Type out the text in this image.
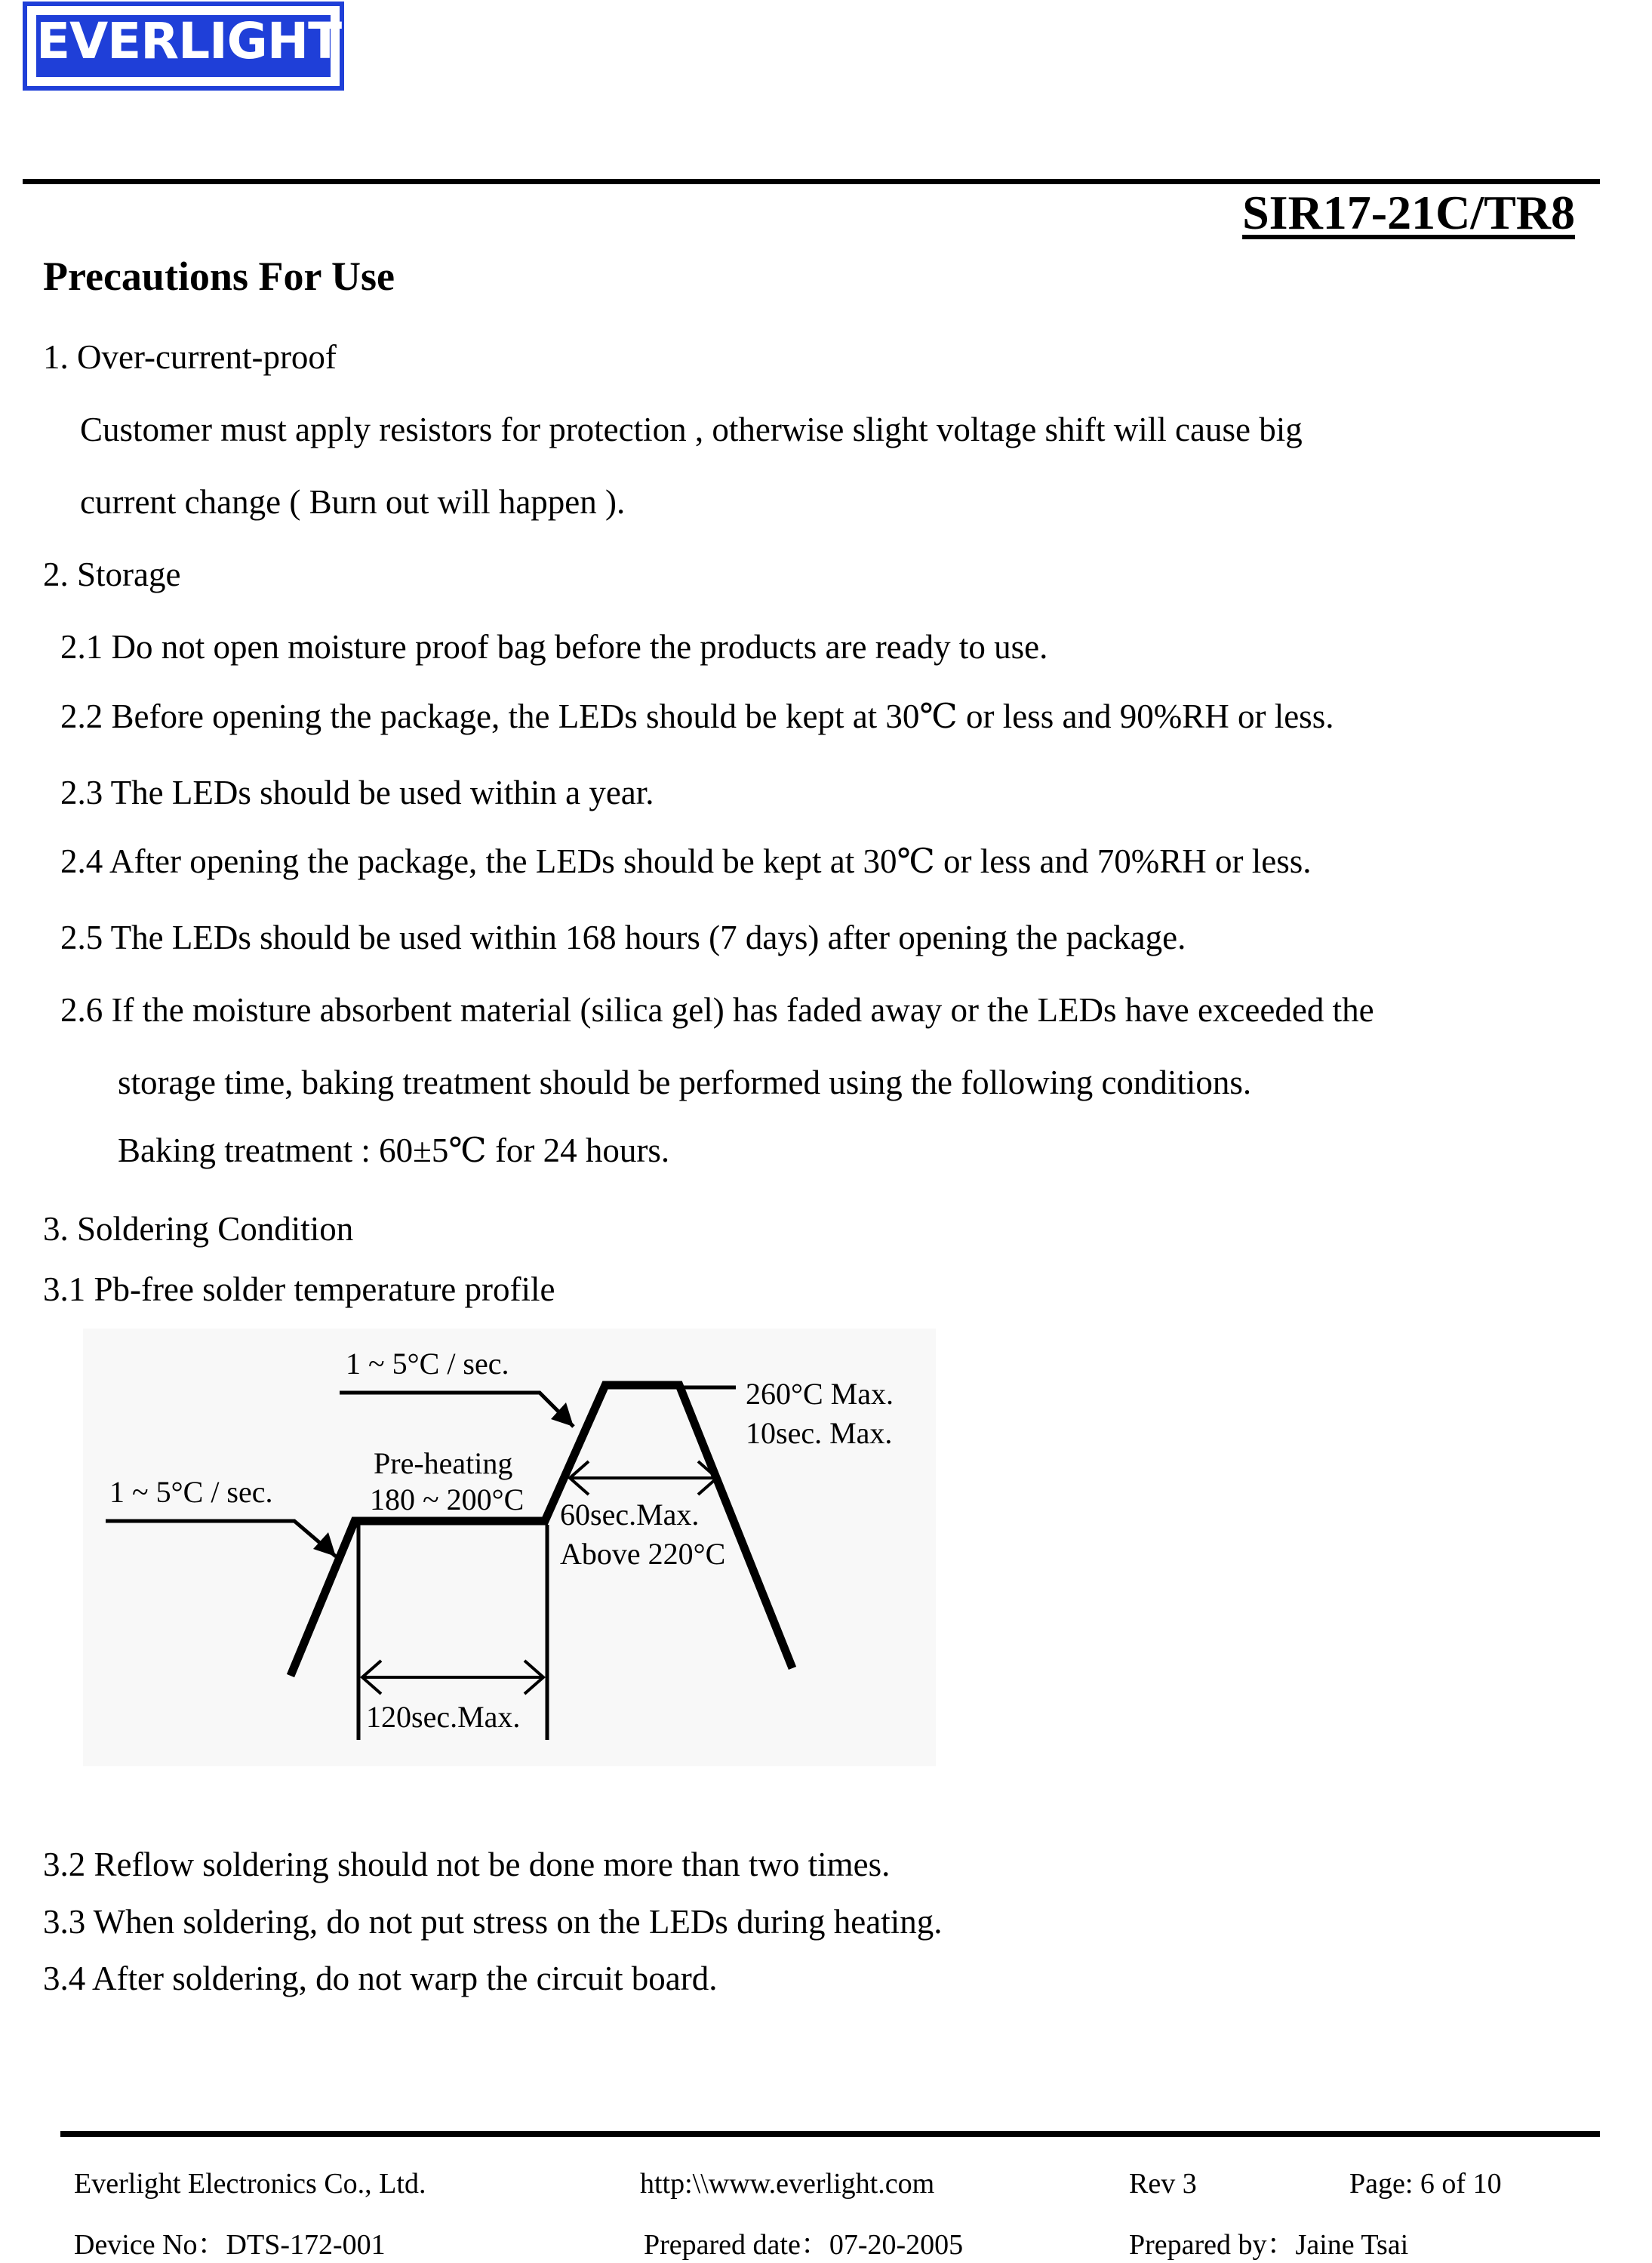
EVERLIGHT
SIR17-21C/TR8
Precautions For Use
1. Over-current-proof
Customer must apply resistors for protection , otherwise slight voltage shift will cause big
current change ( Burn out will happen ).
2. Storage
2.1 Do not open moisture proof bag before the products are ready to use.
2.2 Before opening the package, the LEDs should be kept at 30℃ or less and 90%RH or less.
2.3 The LEDs should be used within a year.
2.4 After opening the package, the LEDs should be kept at 30℃ or less and 70%RH or less.
2.5 The LEDs should be used within 168 hours (7 days) after opening the package.
2.6 If the moisture absorbent material (silica gel) has faded away or the LEDs have exceeded the
storage time, baking treatment should be performed using the following conditions.
Baking treatment : 60±5℃ for 24 hours.
3. Soldering Condition
3.1 Pb-free solder temperature profile
1 ~ 5°C / sec.
1 ~ 5°C / sec.
Pre-heating
180 ~ 200°C
260°C Max.
10sec. Max.
60sec.Max.
Above 220°C
120sec.Max.
3.2 Reflow soldering should not be done more than two times.
3.3 When soldering, do not put stress on the LEDs during heating.
3.4 After soldering, do not warp the circuit board.
Everlight Electronics Co., Ltd.	http:\\www.everlight.com	Rev 3	Page: 6 of 10
Device No：DTS-172-001	Prepared date：07-20-2005	Prepared by：Jaine Tsai
